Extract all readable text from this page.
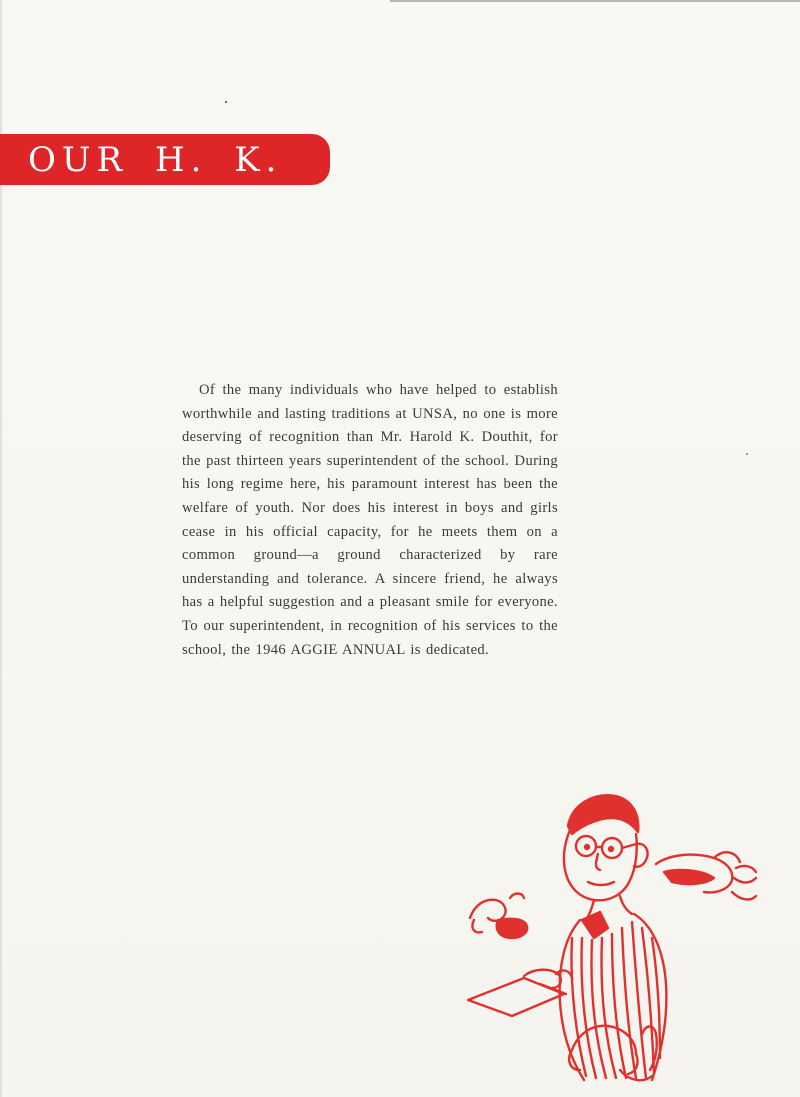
OUR H. K.

Of the many individuals who have helped to establish worthwhile and lasting traditions at UNSA, no one is more deserving of recognition than Mr. Harold K. Douthit, for the past thirteen years superintendent of the school. During his long regime here, his paramount interest has been the welfare of youth. Nor does his interest in boys and girls cease in his official capacity, for he meets them on a common ground—a ground characterized by rare understanding and tolerance. A sincere friend, he always has a helpful suggestion and a pleasant smile for everyone. To our superintendent, in recognition of his services to the school, the 1946 AGGIE ANNUAL is dedicated.
